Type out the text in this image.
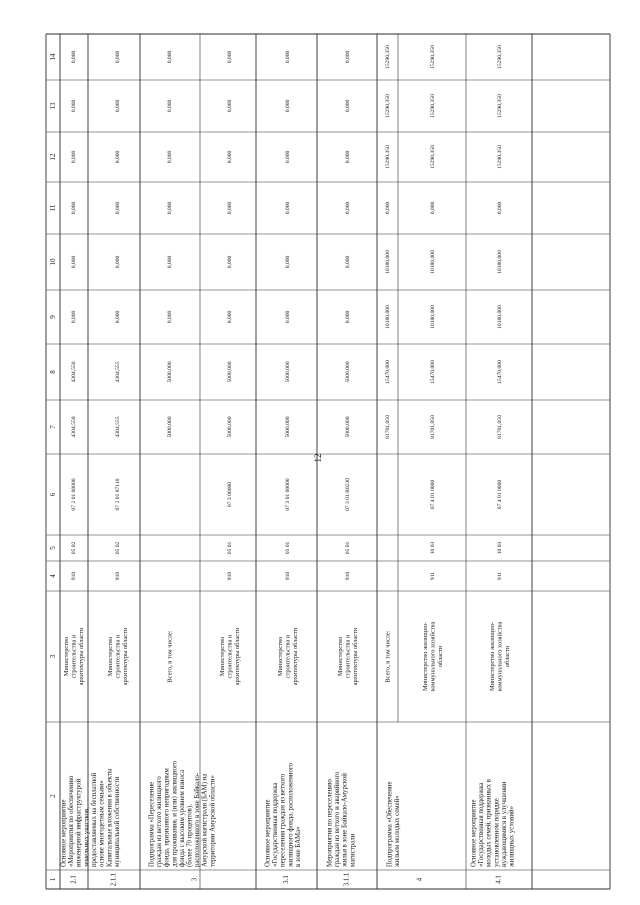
12
1
2
3
4
5
6
7
8
9
10
11
12
13
14
2.1
Основное мероприятие «Мероприятия по обеспечению инженерной инфраструктурой земельных участков, предоставляемых на бесплатной основе многодетным семьям»
Министерство строительства и архитектуры области
910
05 02
07 2 01 00000
4304,550
4304,550
0,000
0,000
0,000
0,000
0,000
0,000
2.1.1
Капитальные вложения в объекты муниципальной собственности
Министерство строительства и архитектуры области
910
05 02
07 2 01 87110
4304,555
4304,555
0,000
0,000
0,000
0,000
0,000
0,000
3
Подпрограмма «Переселение граждан из ветхого жилищного фонда, признанного непригодным для проживания, и (или) жилищного фонда с высоким уровнем износа (более 70 процентов), расположенного в зоне Байкало- Амурской магистрали (БАМ) на территории Амурской области»
Министерство строительства и архитектуры области
910
05 01
07 3 00000
5000,000
5000,000
0,000
0,000
0,000
0,000
0,000
0,000
Всего, в том числе:
5000,000
5000,000
0,000
0,000
0,000
0,000
0,000
0,000
3.1
Основное мероприятие «Государственная поддержка переселения граждан из ветхого жилищного фонда, расположенного в зоне БАМа»
Министерство строительства и архитектуры области
910
05 01
07 3 01 00000
5000,000
5000,000
0,000
0,000
0,000
0,000
0,000
0,000
3.1.1
Мероприятия по переселению граждан из ветхого и аварийного жилья в зоне Байкало-Амурской магистрали
Министерство строительства и архитектуры области
910
05 01
07 3 01 R0230
5000,000
5000,000
0,000
0,000
0,000
0,000
0,000
0,000
4
Подпрограмма «Обеспечение жильем молодых семей»
Министерство жилищно- коммунального хозяйства области
911
10 03
07 4 01 0000
81701,050
15470,000
10180,000
10180,000
0,000
15290,350
15290,350
15290,350
Всего, в том числе:
81701,050
15470,000
10180,000
10180,000
0,000
15290,350
15290,350
15290,350
4.1
Основное мероприятие «Государственная поддержка молодых семей, признанных в установленном порядке нуждающимися в улучшении жилищных условий»
Министерство жилищно- коммунального хозяйства области
911
10 03
07 4 01 0000
81701,050
15470,000
10180,000
10180,000
0,000
15290,350
15290,350
15290,350
